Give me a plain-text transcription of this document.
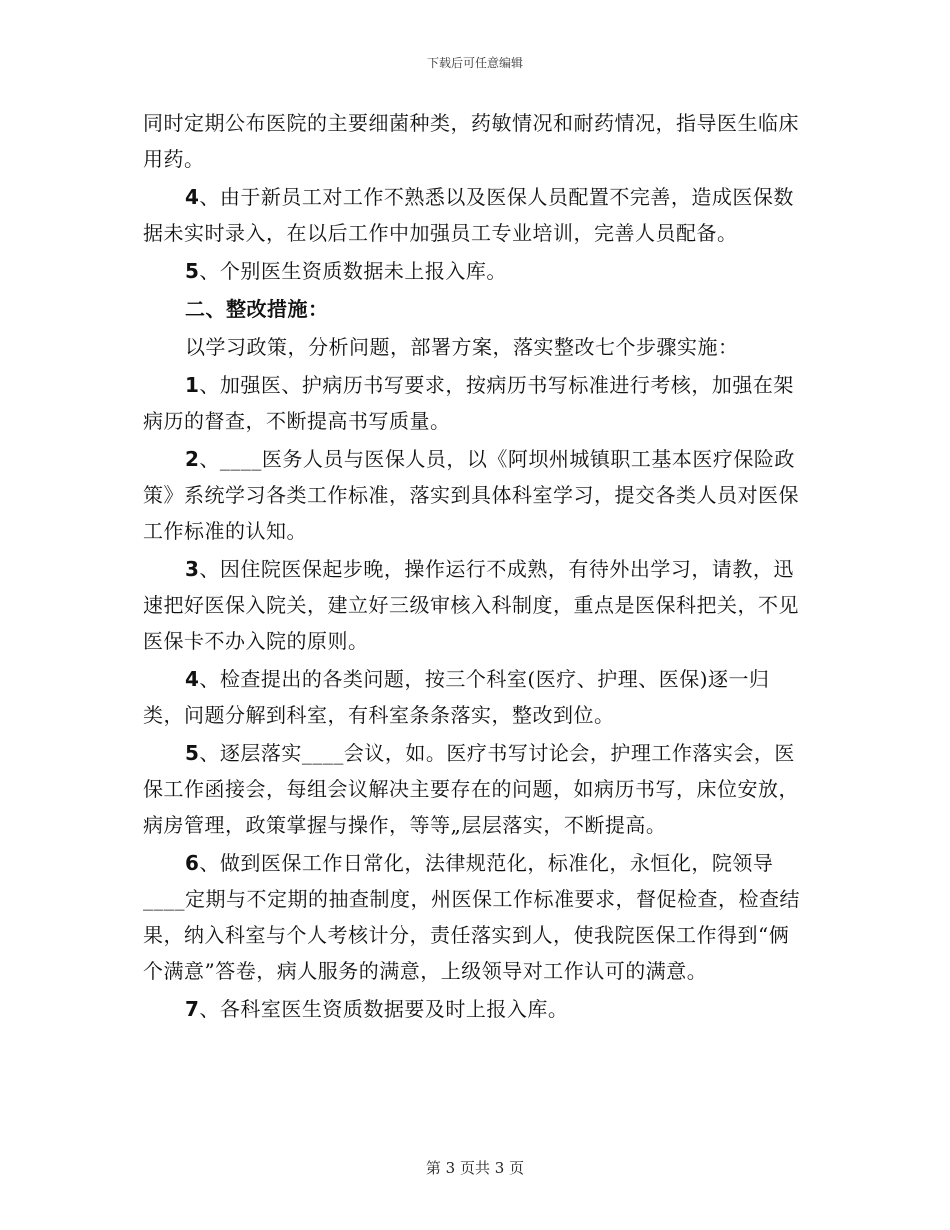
下载后可任意编辑

同时定期公布医院的主要细菌种类，药敏情况和耐药情况，指导医生临床用药。

4、由于新员工对工作不熟悉以及医保人员配置不完善，造成医保数据未实时录入，在以后工作中加强员工专业培训，完善人员配备。

5、个别医生资质数据未上报入库。

二、整改措施：

以学习政策，分析问题，部署方案，落实整改七个步骤实施：

1、加强医、护病历书写要求，按病历书写标准进行考核，加强在架病历的督查，不断提高书写质量。

2、____医务人员与医保人员，以《阿坝州城镇职工基本医疗保险政策》系统学习各类工作标准，落实到具体科室学习，提交各类人员对医保工作标准的认知。

3、因住院医保起步晚，操作运行不成熟，有待外出学习，请教，迅速把好医保入院关，建立好三级审核入科制度，重点是医保科把关，不见医保卡不办入院的原则。

4、检查提出的各类问题，按三个科室(医疗、护理、医保)逐一归类，问题分解到科室，有科室条条落实，整改到位。

5、逐层落实____会议，如。医疗书写讨论会，护理工作落实会，医保工作函接会，每组会议解决主要存在的问题，如病历书写，床位安放，病房管理，政策掌握与操作，等等„层层落实，不断提高。

6、做到医保工作日常化，法律规范化，标准化，永恒化，院领导____定期与不定期的抽查制度，州医保工作标准要求，督促检查，检查结果，纳入科室与个人考核计分，责任落实到人，使我院医保工作得到“俩个满意”答卷，病人服务的满意，上级领导对工作认可的满意。

7、各科室医生资质数据要及时上报入库。

第 3 页共 3 页
